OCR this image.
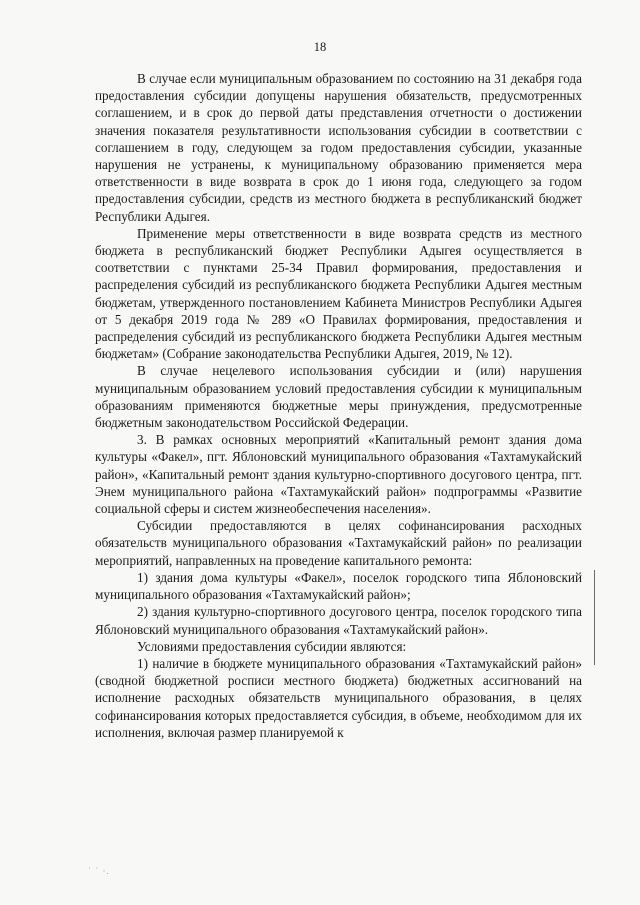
18

В случае если муниципальным образованием по состоянию на 31 декабря года предоставления субсидии допущены нарушения обязательств, предусмотренных соглашением, и в срок до первой даты представления отчетности о достижении значения показателя результативности использования субсидии в соответствии с соглашением в году, следующем за годом предоставления субсидии, указанные нарушения не устранены, к муниципальному образованию применяется мера ответственности в виде возврата в срок до 1 июня года, следующего за годом предоставления субсидии, средств из местного бюджета в республиканский бюджет Республики Адыгея.

Применение меры ответственности в виде возврата средств из местного бюджета в республиканский бюджет Республики Адыгея осуществляется в соответствии с пунктами 25-34 Правил формирования, предоставления и распределения субсидий из республиканского бюджета Республики Адыгея местным бюджетам, утвержденного постановлением Кабинета Министров Республики Адыгея от 5 декабря 2019 года № 289 «О Правилах формирования, предоставления и распределения субсидий из республиканского бюджета Республики Адыгея местным бюджетам» (Собрание законодательства Республики Адыгея, 2019, № 12).

В случае нецелевого использования субсидии и (или) нарушения муниципальным образованием условий предоставления субсидии к муниципальным образованиям применяются бюджетные меры принуждения, предусмотренные бюджетным законодательством Российской Федерации.

3. В рамках основных мероприятий «Капитальный ремонт здания дома культуры «Факел», пгт. Яблоновский муниципального образования «Тахтамукайский район», «Капитальный ремонт здания культурно-спортивного досугового центра, пгт. Энем муниципального района «Тахтамукайский район» подпрограммы «Развитие социальной сферы и систем жизнеобеспечения населения».

Субсидии предоставляются в целях софинансирования расходных обязательств муниципального образования «Тахтамукайский район» по реализации мероприятий, направленных на проведение капитального ремонта:

1) здания дома культуры «Факел», поселок городского типа Яблоновский муниципального образования «Тахтамукайский район»;

2) здания культурно-спортивного досугового центра, поселок городского типа Яблоновский муниципального образования «Тахтамукайский район».

Условиями предоставления субсидии являются:

1) наличие в бюджете муниципального образования «Тахтамукайский район» (сводной бюджетной росписи местного бюджета) бюджетных ассигнований на исполнение расходных обязательств муниципального образования, в целях софинансирования которых предоставляется субсидия, в объеме, необходимом для их исполнения, включая размер планируемой к

˙ ˙ ·.
